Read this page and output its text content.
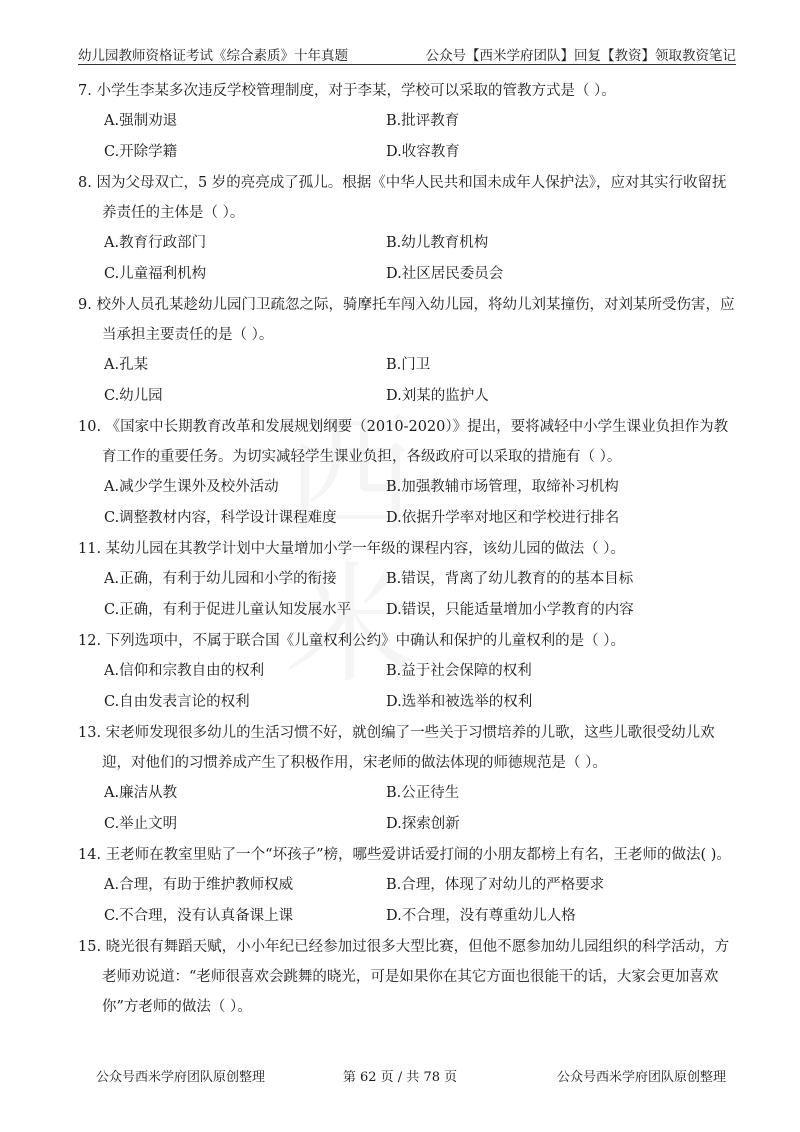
幼儿园教师资格证考试《综合素质》十年真题	公众号【西米学府团队】回复【教资】领取教资笔记
西
米
7. 小学生李某多次违反学校管理制度，对于李某，学校可以采取的管教方式是（ ）。
A.强制劝退	B.批评教育
C.开除学籍	D.收容教育
8. 因为父母双亡，5 岁的亮亮成了孤儿。根据《中华人民共和国未成年人保护法》，应对其实行收留抚养责任的主体是（ ）。
A.教育行政部门	B.幼儿教育机构
C.儿童福利机构	D.社区居民委员会
9. 校外人员孔某趁幼儿园门卫疏忽之际，骑摩托车闯入幼儿园，将幼儿刘某撞伤，对刘某所受伤害，应当承担主要责任的是（ ）。
A.孔某	B.门卫
C.幼儿园	D.刘某的监护人
10. 《国家中长期教育改革和发展规划纲要（2010-2020）》提出，要将减轻中小学生课业负担作为教育工作的重要任务。为切实减轻学生课业负担，各级政府可以采取的措施有（ ）。
A.减少学生课外及校外活动	B.加强教辅市场管理，取缔补习机构
C.调整教材内容，科学设计课程难度	D.依据升学率对地区和学校进行排名
11. 某幼儿园在其教学计划中大量增加小学一年级的课程内容，该幼儿园的做法（ ）。
A.正确，有利于幼儿园和小学的衔接	B.错误，背离了幼儿教育的的基本目标
C.正确，有利于促进儿童认知发展水平	D.错误，只能适量增加小学教育的内容
12. 下列选项中，不属于联合国《儿童权利公约》中确认和保护的儿童权利的是（ ）。
A.信仰和宗教自由的权利	B.益于社会保障的权利
C.自由发表言论的权利	D.选举和被选举的权利
13. 宋老师发现很多幼儿的生活习惯不好，就创编了一些关于习惯培养的儿歌，这些儿歌很受幼儿欢迎，对他们的习惯养成产生了积极作用，宋老师的做法体现的师德规范是（ ）。
A.廉洁从教	B.公正待生
C.举止文明	D.探索创新
14. 王老师在教室里贴了一个“坏孩子”榜，哪些爱讲话爱打闹的小朋友都榜上有名，王老师的做法( )。
A.合理，有助于维护教师权威	B.合理，体现了对幼儿的严格要求
C.不合理，没有认真备课上课	D.不合理，没有尊重幼儿人格
15. 晓光很有舞蹈天赋，小小年纪已经参加过很多大型比赛，但他不愿参加幼儿园组织的科学活动，方老师劝说道：“老师很喜欢会跳舞的晓光，可是如果你在其它方面也很能干的话，大家会更加喜欢你”方老师的做法（ ）。
公众号西米学府团队原创整理	第 62 页 / 共 78 页	公众号西米学府团队原创整理
